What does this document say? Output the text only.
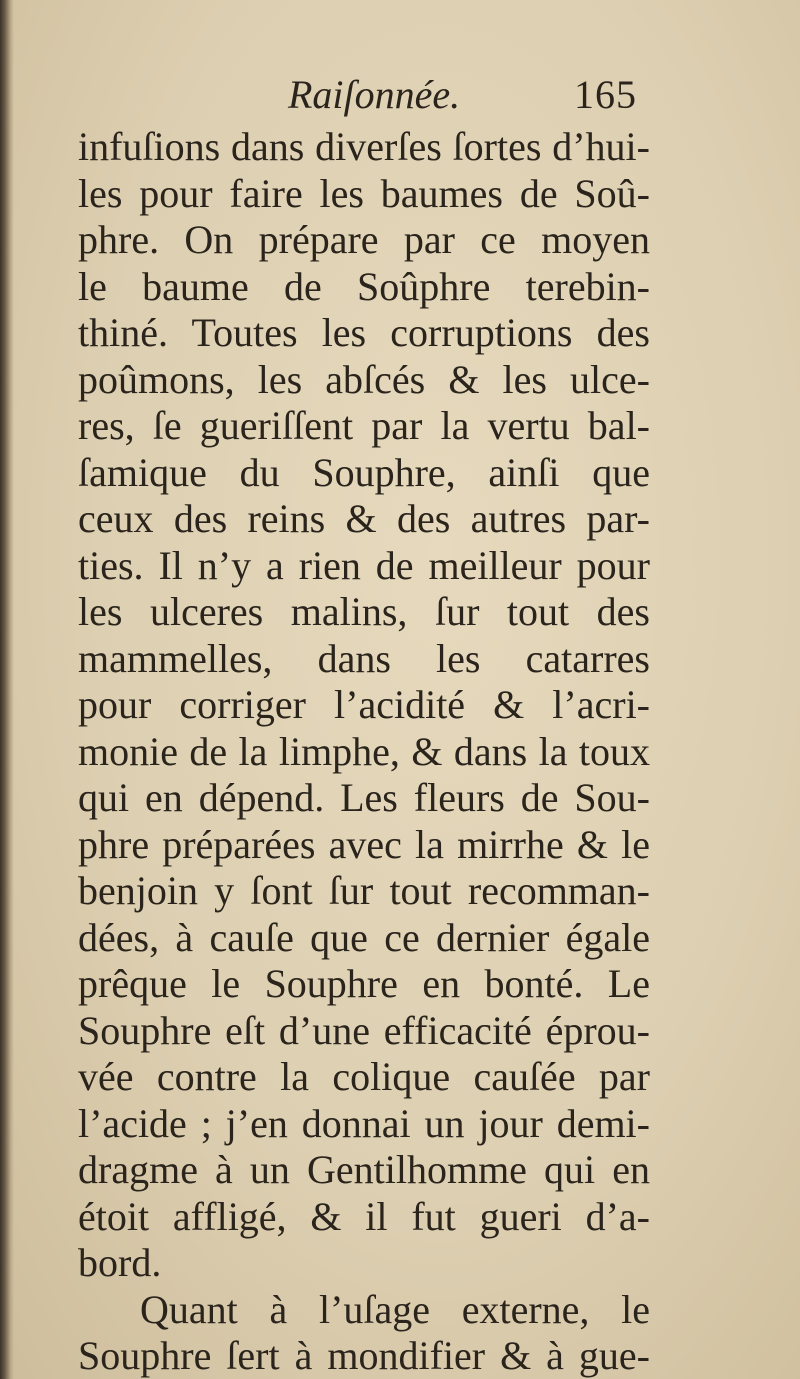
Raiſonnée.	165
infuſions dans diverſes ſortes d’hui-
les pour faire les baumes de Soû-
phre. On prépare par ce moyen
le baume de Soûphre terebin-
thiné. Toutes les corruptions des
poûmons, les abſcés & les ulce-
res, ſe gueriſſent par la vertu bal-
ſamique du Souphre, ainſi que
ceux des reins & des autres par-
ties. Il n’y a rien de meilleur pour
les ulceres malins, ſur tout des
mammelles, dans les catarres
pour corriger l’acidité & l’acri-
monie de la limphe, & dans la toux
qui en dépend. Les fleurs de Sou-
phre préparées avec la mirrhe & le
benjoin y ſont ſur tout recomman-
dées, à cauſe que ce dernier égale
prêque le Souphre en bonté. Le
Souphre eſt d’une efficacité éprou-
vée contre la colique cauſée par
l’acide ; j’en donnai un jour demi-
dragme à un Gentilhomme qui en
étoit affligé, & il fut gueri d’a-
bord.
Quant à l’uſage externe, le
Souphre ſert à mondifier & à gue-
